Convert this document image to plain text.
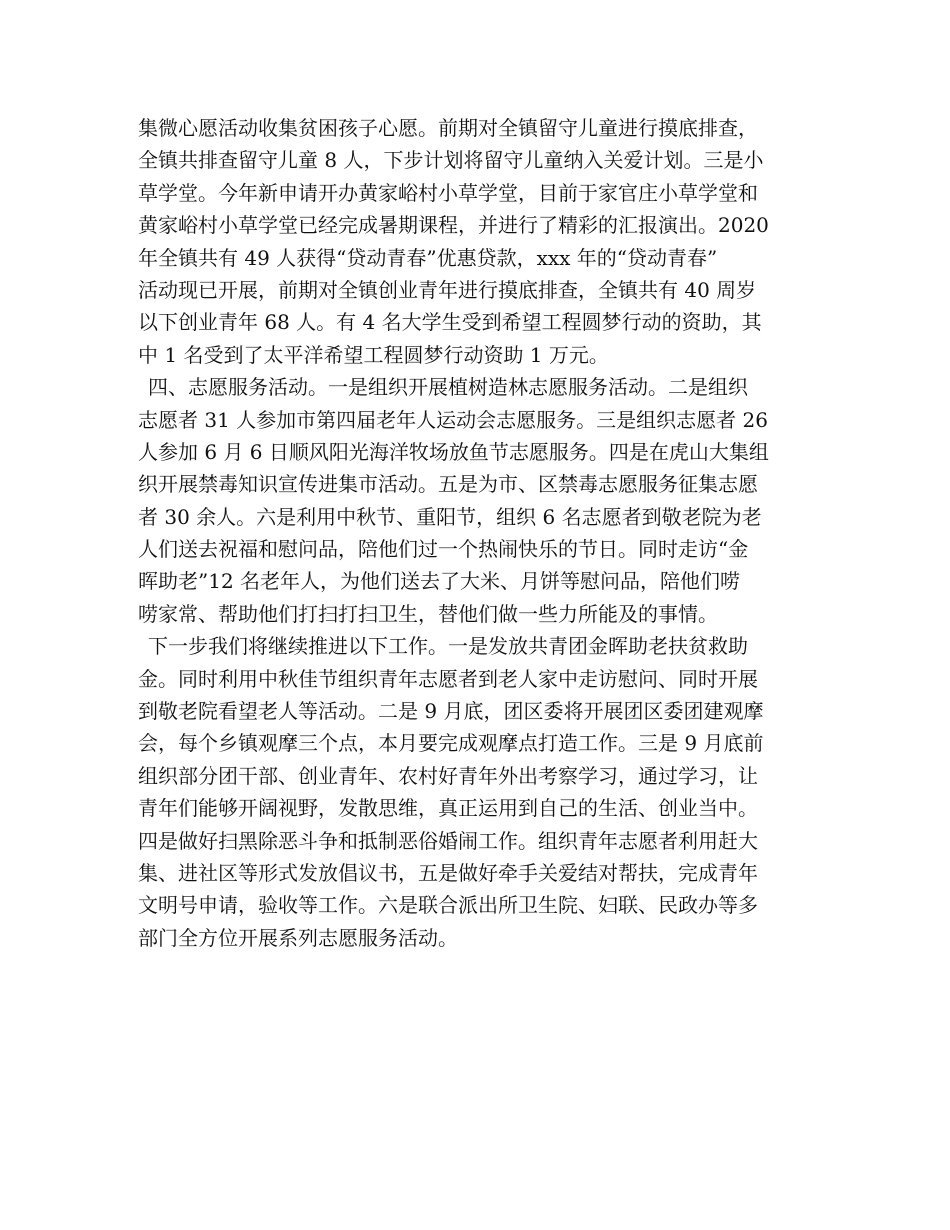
集微心愿活动收集贫困孩子心愿。前期对全镇留守儿童进行摸底排查，
全镇共排查留守儿童 8 人，下步计划将留守儿童纳入关爱计划。三是小
草学堂。今年新申请开办黄家峪村小草学堂，目前于家官庄小草学堂和
黄家峪村小草学堂已经完成暑期课程，并进行了精彩的汇报演出。2020
年全镇共有 49 人获得“贷动青春”优惠贷款，xxx 年的“贷动青春”
活动现已开展，前期对全镇创业青年进行摸底排查，全镇共有 40 周岁
以下创业青年 68 人。有 4 名大学生受到希望工程圆梦行动的资助，其
中 1 名受到了太平洋希望工程圆梦行动资助 1 万元。

四、志愿服务活动。一是组织开展植树造林志愿服务活动。二是组织
志愿者 31 人参加市第四届老年人运动会志愿服务。三是组织志愿者 26
人参加 6 月 6 日顺风阳光海洋牧场放鱼节志愿服务。四是在虎山大集组
织开展禁毒知识宣传进集市活动。五是为市、区禁毒志愿服务征集志愿
者 30 余人。六是利用中秋节、重阳节，组织 6 名志愿者到敬老院为老
人们送去祝福和慰问品，陪他们过一个热闹快乐的节日。同时走访“金
晖助老”12 名老年人，为他们送去了大米、月饼等慰问品，陪他们唠
唠家常、帮助他们打扫打扫卫生，替他们做一些力所能及的事情。

下一步我们将继续推进以下工作。一是发放共青团金晖助老扶贫救助
金。同时利用中秋佳节组织青年志愿者到老人家中走访慰问、同时开展
到敬老院看望老人等活动。二是 9 月底，团区委将开展团区委团建观摩
会，每个乡镇观摩三个点，本月要完成观摩点打造工作。三是 9 月底前
组织部分团干部、创业青年、农村好青年外出考察学习，通过学习，让
青年们能够开阔视野，发散思维，真正运用到自己的生活、创业当中。
四是做好扫黑除恶斗争和抵制恶俗婚闹工作。组织青年志愿者利用赶大
集、进社区等形式发放倡议书，五是做好牵手关爱结对帮扶，完成青年
文明号申请，验收等工作。六是联合派出所卫生院、妇联、民政办等多
部门全方位开展系列志愿服务活动。
